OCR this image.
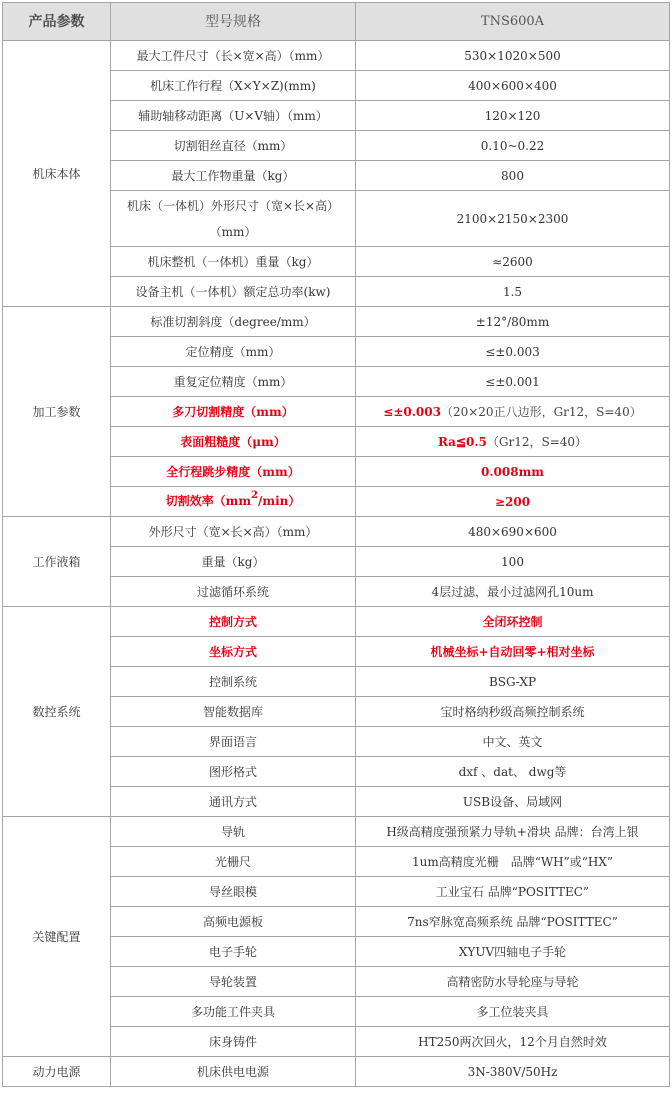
产品参数	型号规格	TNS600A
机床本体	最大工件尺寸（长×宽×高）（mm）	530×1020×500
	机床工作行程（X×Y×Z)(mm)	400×600×400
	辅助轴移动距离（U×V轴）（mm）	120×120
	切割钼丝直径（mm）	0.10~0.22
	最大工作物重量（kg）	800
	机床（一体机）外形尺寸（宽×长×高）（mm）	2100×2150×2300
	机床整机（一体机）重量（kg）	≈2600
	设备主机（一体机）额定总功率(kw)	1.5
加工参数	标准切割斜度（degree/mm）	±12°/80mm
	定位精度（mm）	≤±0.003
	重复定位精度（mm）	≤±0.001
	多刀切割精度（mm）	≤±0.003（20×20正八边形，Gr12，S=40）
	表面粗糙度（μm）	Ra≦0.5（Gr12，S=40）
	全行程跳步精度（mm）	0.008mm
	切割效率$(mm^2/\min)$	≥200
工作液箱	外形尺寸（宽×长×高）（mm）	480×690×600
	重量（kg）	100
	过滤循环系统	4层过滤，最小过滤网孔10um
数控系统	控制方式	全闭环控制
	坐标方式	机械坐标+自动回零+相对坐标
	控制系统	BSG-XP
	智能数据库	宝时格纳秒级高频控制系统
	界面语言	中文、英文
	图形格式	dxf 、dat、 dwg等
	通讯方式	USB设备、局域网
关键配置	导轨	H级高精度强预紧力导轨+滑块 品牌：台湾上银
	光栅尺	1um高精度光栅　品牌“WH”或“HX”
	导丝眼模	工业宝石 品牌“POSITTEC”
	高频电源板	7ns窄脉宽高频系统 品牌“POSITTEC”
	电子手轮	XYUV四轴电子手轮
	导轮装置	高精密防水导轮座与导轮
	多功能工件夹具	多工位装夹具
	床身铸件	HT250两次回火，12个月自然时效
动力电源	机床供电电源	3N-380V/50Hz
